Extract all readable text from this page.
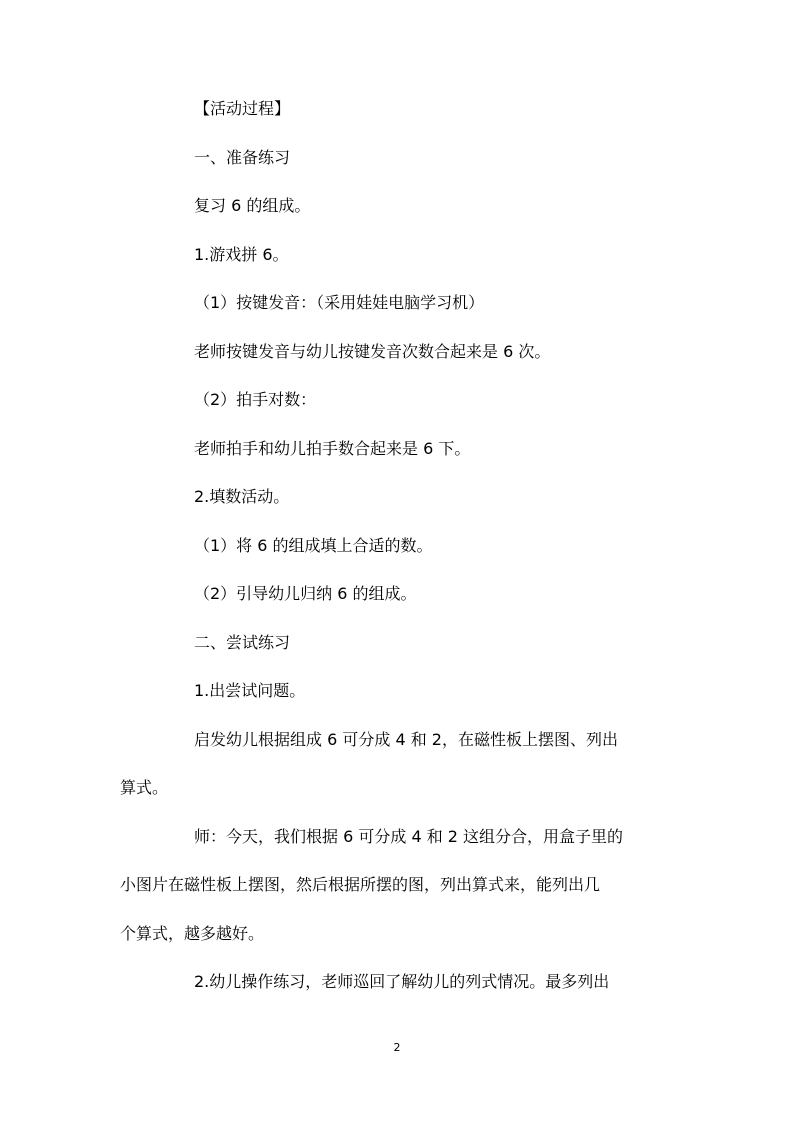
【活动过程】
一、准备练习
复习 6 的组成。
1.游戏拼 6。
（1）按键发音：（采用娃娃电脑学习机）
老师按键发音与幼儿按键发音次数合起来是 6 次。
（2）拍手对数：
老师拍手和幼儿拍手数合起来是 6 下。
2.填数活动。
（1）将 6 的组成填上合适的数。
（2）引导幼儿归纳 6 的组成。
二、尝试练习
1.出尝试问题。
启发幼儿根据组成 6 可分成 4 和 2，在磁性板上摆图、列出
算式。
师：今天，我们根据 6 可分成 4 和 2 这组分合，用盒子里的
小图片在磁性板上摆图，然后根据所摆的图，列出算式来，能列出几
个算式，越多越好。
2.幼儿操作练习，老师巡回了解幼儿的列式情况。最多列出
2
